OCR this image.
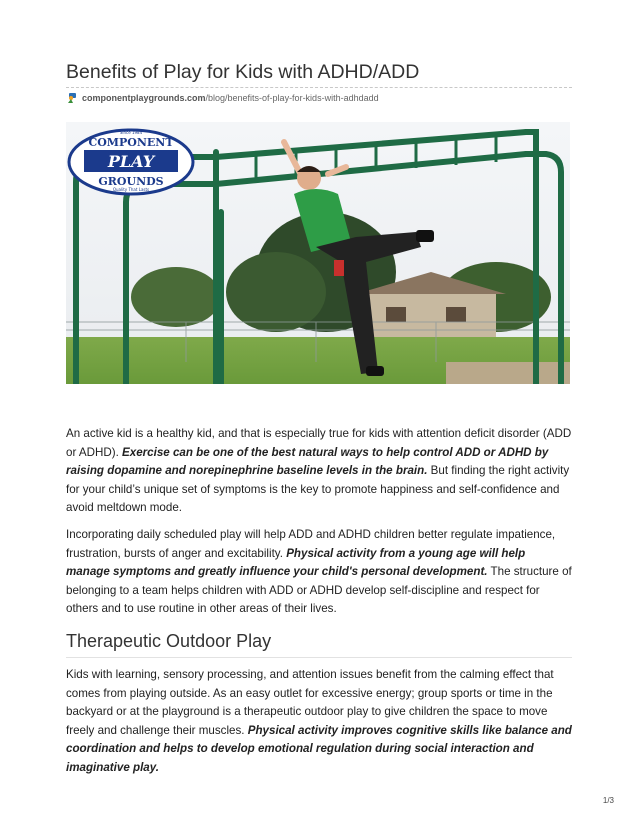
Benefits of Play for Kids with ADHD/ADD
componentplaygrounds.com /blog/benefits-of-play-for-kids-with-adhdadd
COMPONENT
PLAY
GROUNDS
Since 1984
Quality That Lasts

An active kid is a healthy kid, and that is especially true for kids with attention deficit disorder (ADD or ADHD). Exercise can be one of the best natural ways to help control ADD or ADHD by raising dopamine and norepinephrine baseline levels in the brain. But finding the right activity for your child’s unique set of symptoms is the key to promote happiness and self-confidence and avoid meltdown mode.

Incorporating daily scheduled play will help ADD and ADHD children better regulate impatience, frustration, bursts of anger and excitability. Physical activity from a young age will help manage symptoms and greatly influence your child's personal development. The structure of belonging to a team helps children with ADD or ADHD develop self-discipline and respect for others and to use routine in other areas of their lives.

Therapeutic Outdoor Play

Kids with learning, sensory processing, and attention issues benefit from the calming effect that comes from playing outside. As an easy outlet for excessive energy; group sports or time in the backyard or at the playground is a therapeutic outdoor play to give children the space to move freely and challenge their muscles. Physical activity improves cognitive skills like balance and coordination and helps to develop emotional regulation during social interaction and imaginative play.

1/3
